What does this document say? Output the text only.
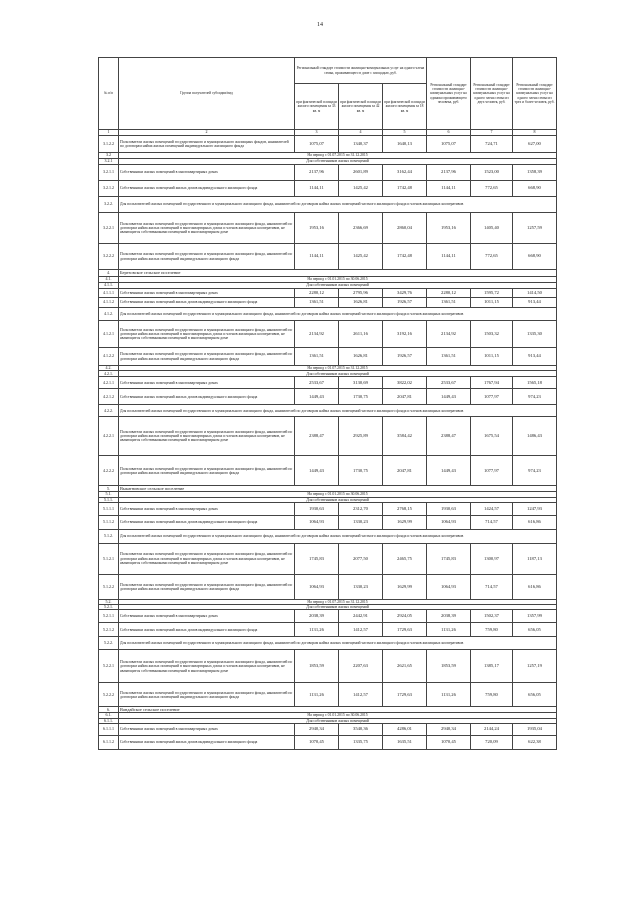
14
№ п/п	Группа получателей субсидии/вид	Региональный стандарт стоимости жилищно-коммунальных услуг на одного члена семьи, проживающего в доме с площадью, руб.			Региональный стандарт стоимости жилищно-коммунальных услуг на одиноко проживающего человека, руб.	Региональный стандарт стоимости жилищно-коммунальных услуг на одного члена семьи из двух человек, руб.	Региональный стандарт стоимости жилищно-коммунальных услуг на одного члена семьи из трех и более человек, руб.
		при фактической площади жилого помещения за 33 кв. м	при фактической площади жилого помещения за 42 кв. м	при фактической площади жилого помещения за 18 кв. м			
1	2	3	4	5	6	7	8
3.1.2.2	Пользователи жилых помещений государственного и муниципального жилищных фондов, нанимателей по договорам найма жилых помещений индивидуального жилищного фонда	1075,07	1340,37	1640,13	1075,07	724,71	627,00
3.2	На период с 01.07.2015 по 31.12.2015						
3.2.1	Для собственников жилых помещений						
3.2.1.1	Собственники жилых помещений в многоквартирных домах	2137,96	2601,89	3162,44	2137,96	1523,00	1358,39
3.2.1.2	Собственники жилых помещений жилых домов индивидуального жилищного фонда	1144,11	1425,42	1742,48	1144,11	772,65	668,90
3.2.2.	Для пользователей жилых помещений государственного и муниципального жилищного фонда, нанимателей по договорам найма жилых помещений частного жилищного фонда и членов жилищных кооперативов						
3.2.2.1	Пользователи жилых помещений государственного и муниципального жилищного фонда, нанимателей по договорам найма жилых помещений в многоквартирных домах и членов жилищных кооперативов, не являющиеся собственниками помещений в многоквартирном доме	1953,16	2366,69	2860,04	1953,16	1405,40	1257,59
3.2.2.2	Пользователи жилых помещений государственного и муниципального жилищного фонда, нанимателей по договорам найма жилых помещений индивидуального жилищного фонда	1144,11	1425,42	1742,48	1144,11	772,65	668,90
4.	Березовское сельское поселение						
4.1.	На период с 01.01.2015 по 30.06.2015						
4.1.1.	Для собственников жилых помещений						
4.1.1.1	Собственники жилых помещений в многоквартирных домах	2280,12	2795,96	3429,76	2280,12	1595,72	1414,50
4.1.1.2	Собственники жилых помещений жилых домов индивидуального жилищного фонда	1361,51	1626,81	1926,57	1361,51	1011,15	913,44
4.1.2.	Для пользователей жилых помещений государственного и муниципального жилищного фонда, нанимателей по договорам найма жилых помещений частного жилищного фонда и членов жилищных кооперативов						
4.1.2.1	Пользователи жилых помещений государственного и муниципального жилищного фонда, нанимателей по договорам найма жилых помещений в многоквартирных домах и членов жилищных кооперативов, не являющиеся собственниками помещений в многоквартирном доме	2134,92	2611,16	3192,16	2134,92	1503,32	1335,30
4.1.2.2	Пользователи жилых помещений государственного и муниципального жилищного фонда, нанимателей по договорам найма жилых помещений индивидуального жилищного фонда	1361,51	1626,81	1926,57	1361,51	1011,15	913,44
4.2.	На период с 01.07.2015 по 31.12.2015						
4.2.1.	Для собственников жилых помещений						
4.2.1.1	Собственники жилых помещений в многоквартирных домах	2533,67	3130,69	3822,02	2533,67	1767,94	1565,18
4.2.1.2	Собственники жилых помещений жилых домов индивидуального жилищного фонда	1449,43	1730,75	2047,81	1449,43	1077,97	974,23
4.2.2.	Для пользователей жилых помещений государственного и муниципального жилищного фонда, нанимателей по договорам найма жилых помещений частного жилищного фонда и членов жилищных кооперативов						
4.2.2.1	Пользователи жилых помещений государственного и муниципального жилищного фонда, нанимателей по договорам найма жилых помещений в многоквартирных домах и членов жилищных кооперативов, не являющиеся собственниками помещений в многоквартирном доме	2388,47	2925,89	3584,42	2388,47	1675,54	1486,43
4.2.2.2	Пользователи жилых помещений государственного и муниципального жилищного фонда, нанимателей по договорам найма жилых помещений индивидуального жилищного фонда	1449,43	1730,75	2047,81	1449,43	1077,97	974,23
5.	Выкатновское сельское поселение						
5.1.	На период с 01.01.2015 по 30.06.2015						
5.1.1.	Для собственников жилых помещений						
5.1.1.1	Собственники жилых помещений в многоквартирных домах	1930,63	2312,70	2768,15	1930,63	1424,57	1247,93
5.1.1.2	Собственники жилых помещений жилых домов индивидуального жилищного фонда	1064,93	1330,23	1629,99	1064,93	714,57	616,86
5.1.2.	Для пользователей жилых помещений государственного и муниципального жилищного фонда, нанимателей по договорам найма жилых помещений частного жилищного фонда и членов жилищных кооперативов						
5.1.2.1	Пользователи жилых помещений государственного и муниципального жилищного фонда, нанимателей по договорам найма жилых помещений в многоквартирных домах и членов жилищных кооперативов, не являющиеся собственниками помещений в многоквартирном доме	1745,83	2077,50	2465,75	1745,83	1300,97	1187,13
5.1.2.2	Пользователи жилых помещений государственного и муниципального жилищного фонда, нанимателей по договорам найма жилых помещений индивидуального жилищного фонда	1064,93	1330,23	1629,99	1064,93	714,57	616,86
5.2.	На период с 01.07.2015 по 31.12.2015						
5.2.1.	Для собственников жилых помещений						
5.2.1.1	Собственники жилых помещений в многоквартирных домах	2038,39	2442,91	2924,05	2038,39	1502,37	1357,99
5.2.1.2	Собственники жилых помещений жилых домов индивидуального жилищного фонда	1131,26	1412,57	1729,63	1131,26	759,80	656,05
5.2.2.	Для пользователей жилых помещений государственного и муниципального жилищного фонда, нанимателей по договорам найма жилых помещений частного жилищного фонда и членов жилищных кооперативов						
5.2.2.1	Пользователи жилых помещений государственного и муниципального жилищного фонда, нанимателей по договорам найма жилых помещений в многоквартирных домах и членов жилищных кооперативов, не являющиеся собственниками помещений в многоквартирном доме	1853,59	2207,63	2621,65	1853,59	1385,17	1257,19
5.2.2.2	Пользователи жилых помещений государственного и муниципального жилищного фонда, нанимателей по договорам найма жилых помещений индивидуального жилищного фонда	1131,26	1412,57	1729,63	1131,26	759,80	656,05
6.	Вандайское сельское поселение						
6.1.	На период с 01.01.2015 по 30.06.2015						
6.1.1.	Для собственников жилых помещений						
6.1.1.1	Собственники жилых помещений в многоквартирных домах	2940,34	3540,36	4286,01	2940,34	2144,24	1935,04
6.1.1.2	Собственники жилых помещений жилых домов индивидуального жилищного фонда	1070,45	1335,75	1635,51	1070,45	720,09	622,38
